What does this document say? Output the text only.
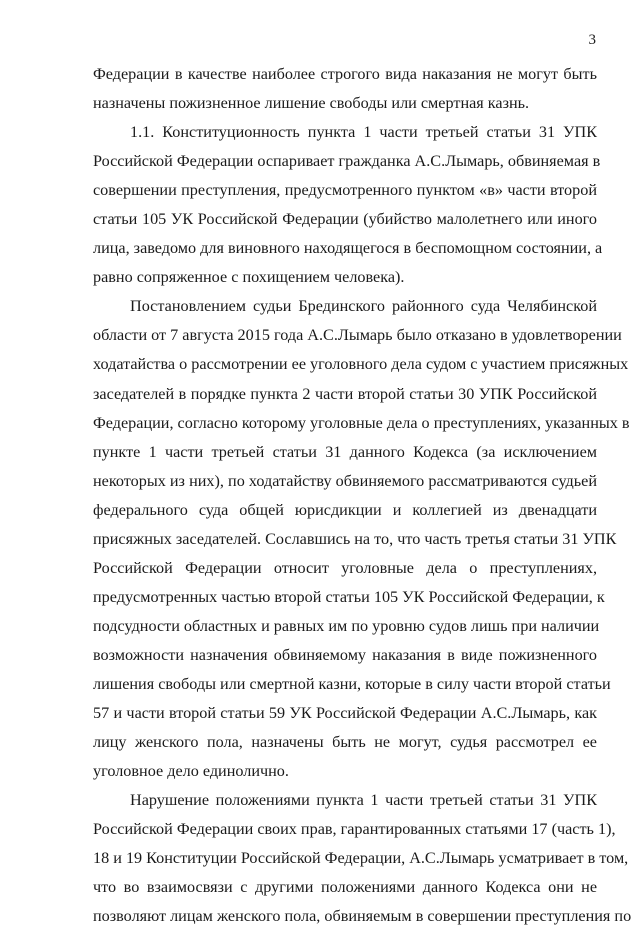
3

Федерации в качестве наиболее строгого вида наказания не могут быть
назначены пожизненное лишение свободы или смертная казнь.

1.1. Конституционность пункта 1 части третьей статьи 31 УПК
Российской Федерации оспаривает гражданка А.С.Лымарь, обвиняемая в
совершении преступления, предусмотренного пунктом «в» части второй
статьи 105 УК Российской Федерации (убийство малолетнего или иного
лица, заведомо для виновного находящегося в беспомощном состоянии, а
равно сопряженное с похищением человека).

Постановлением судьи Брединского районного суда Челябинской
области от 7 августа 2015 года А.С.Лымарь было отказано в удовлетворении
ходатайства о рассмотрении ее уголовного дела судом с участием присяжных
заседателей в порядке пункта 2 части второй статьи 30 УПК Российской
Федерации, согласно которому уголовные дела о преступлениях, указанных в
пункте 1 части третьей статьи 31 данного Кодекса (за исключением
некоторых из них), по ходатайству обвиняемого рассматриваются судьей
федерального суда общей юрисдикции и коллегией из двенадцати
присяжных заседателей. Сославшись на то, что часть третья статьи 31 УПК
Российской Федерации относит уголовные дела о преступлениях,
предусмотренных частью второй статьи 105 УК Российской Федерации, к
подсудности областных и равных им по уровню судов лишь при наличии
возможности назначения обвиняемому наказания в виде пожизненного
лишения свободы или смертной казни, которые в силу части второй статьи
57 и части второй статьи 59 УК Российской Федерации А.С.Лымарь, как
лицу женского пола, назначены быть не могут, судья рассмотрел ее
уголовное дело единолично.

Нарушение положениями пункта 1 части третьей статьи 31 УПК
Российской Федерации своих прав, гарантированных статьями 17 (часть 1),
18 и 19 Конституции Российской Федерации, А.С.Лымарь усматривает в том,
что во взаимосвязи с другими положениями данного Кодекса они не
позволяют лицам женского пола, обвиняемым в совершении преступления по
